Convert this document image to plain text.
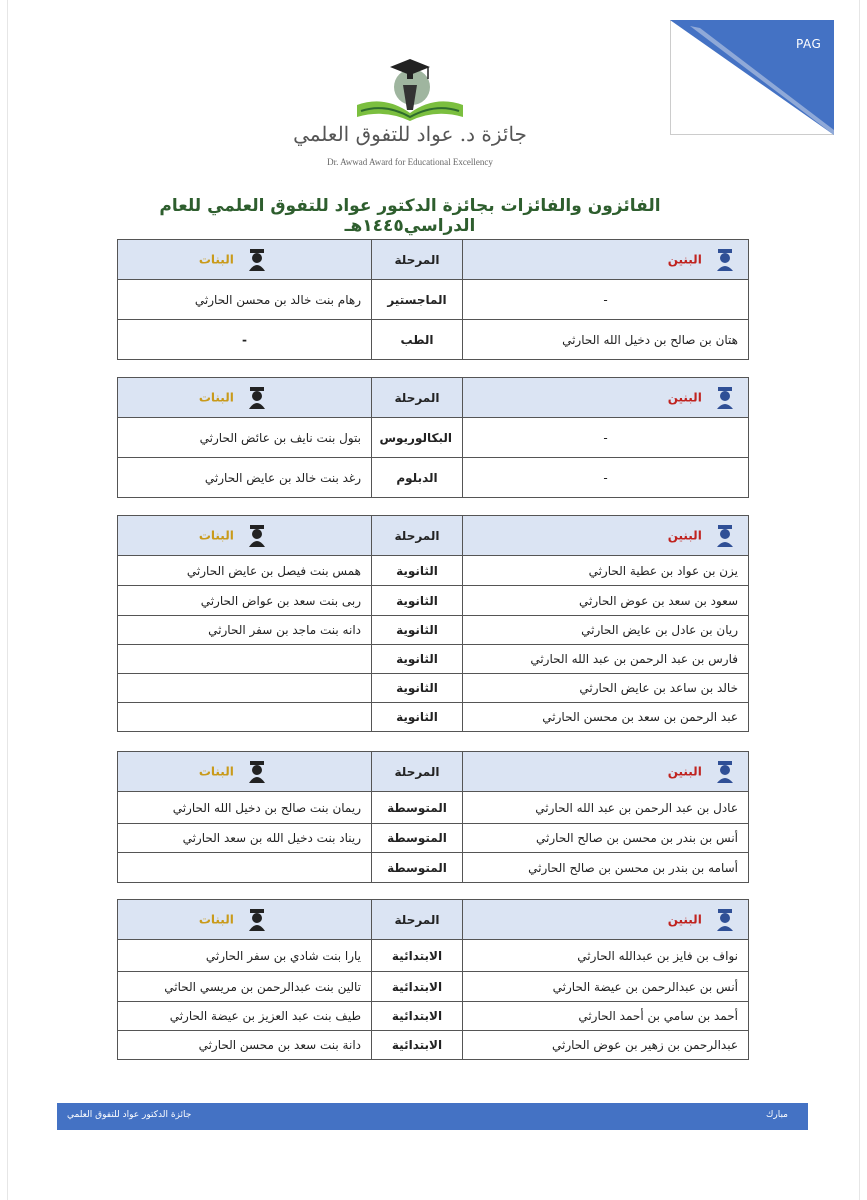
PAG
جائزة د. عواد للتفوق العلمي
Dr. Awwad Award for Educational Excellency
الفائزون والفائزات بجائزة الدكتور عواد للتفوق العلمي للعام الدراسي١٤٤٥هـ
البنين	المرحلة	البنات
-	الماجستير	رهام بنت خالد بن محسن الحارثي
هتان بن صالح بن دخيل الله الحارثي	الطب	-
البنين	المرحلة	البنات
-	البكالوريوس	بتول بنت نايف بن عائض الحارثي
-	الدبلوم	رغد بنت خالد بن عايض الحارثي
البنين	المرحلة	البنات
يزن بن عواد بن عطية الحارثي	الثانوية	همس بنت فيصل بن عايض الحارثي
سعود بن سعد بن عوض الحارثي	الثانوية	ربى بنت سعد بن عواض الحارثي
ريان بن عادل بن عايض الحارثي	الثانوية	دانه بنت ماجد بن سفر الحارثي
فارس بن عبد الرحمن بن عبد الله الحارثي	الثانوية	
خالد بن ساعد بن عايض الحارثي	الثانوية	
عبد الرحمن بن سعد بن محسن الحارثي	الثانوية	
البنين	المرحلة	البنات
عادل بن عبد الرحمن بن عبد الله الحارثي	المتوسطة	ريمان بنت صالح بن دخيل الله الحارثي
أنس بن بندر بن محسن بن صالح الحارثي	المتوسطة	ريناد بنت دخيل الله بن سعد الحارثي
أسامه بن بندر بن محسن بن صالح الحارثي	المتوسطة	
البنين	المرحلة	البنات
نواف بن فايز بن عبدالله الحارثي	الابتدائية	يارا بنت شادي بن سفر الحارثي
أنس بن عبدالرحمن بن عيضة الحارثي	الابتدائية	تالين بنت عبدالرحمن بن مريسي الحاثي
أحمد بن سامي بن أحمد الحارثي	الابتدائية	طيف بنت عبد العزيز بن عيضة الحارثي
عبدالرحمن بن زهير بن عوض الحارثي	الابتدائية	دانة بنت سعد بن محسن الحارثي
مبارك
جائزة الدكتور عواد للتفوق العلمي
